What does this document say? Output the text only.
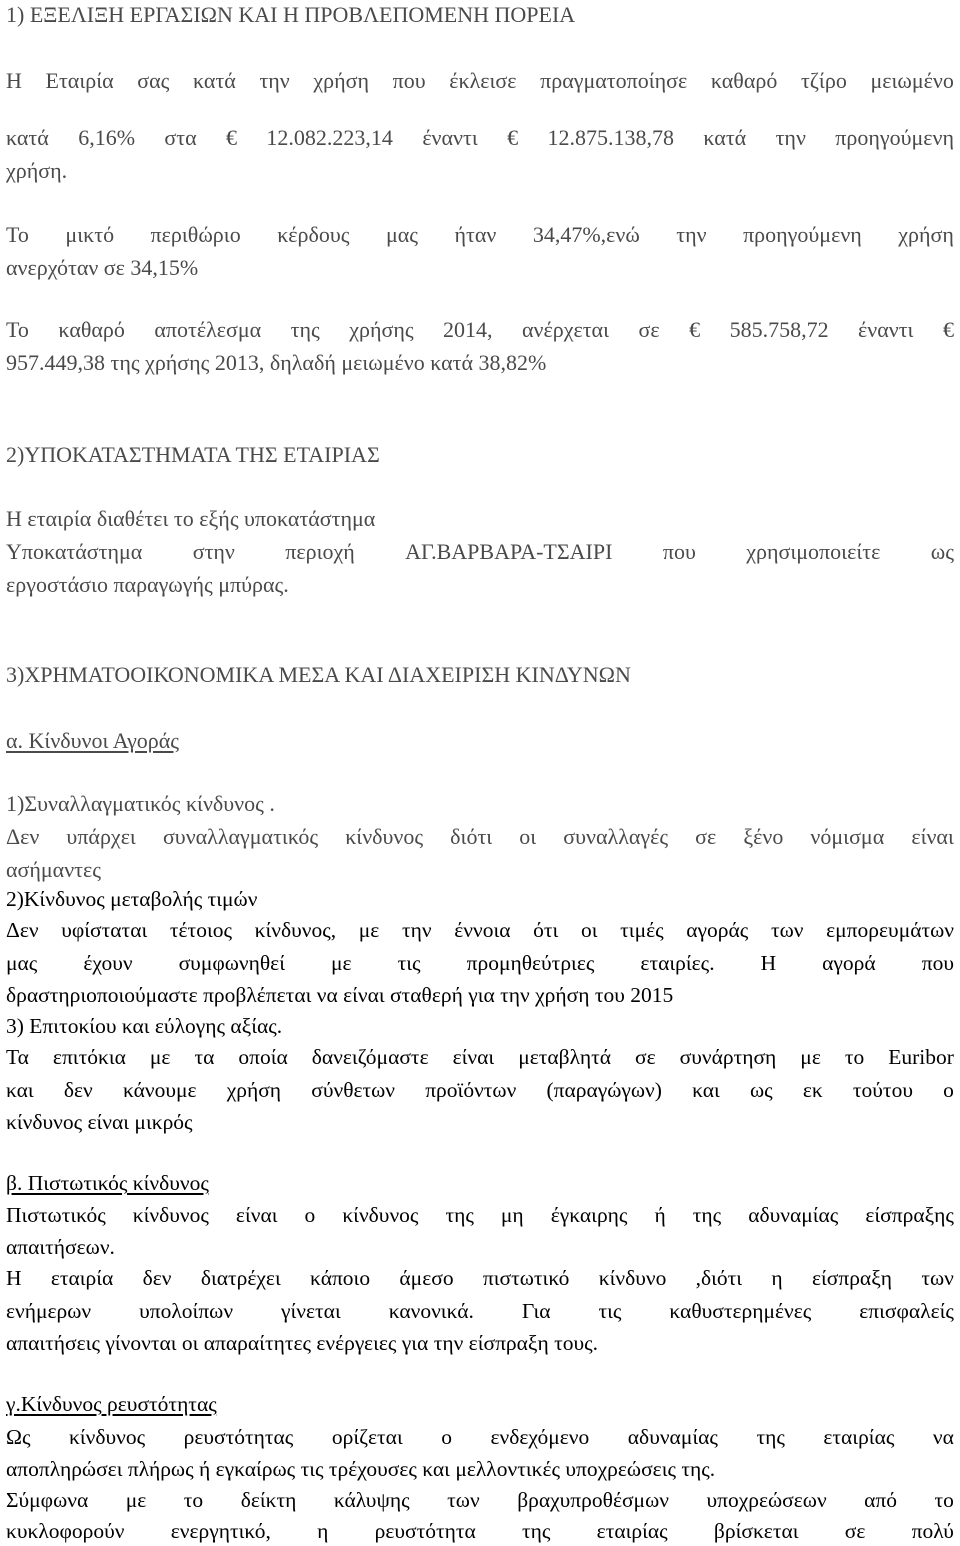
1) ΕΞΕΛΙΞΗ ΕΡΓΑΣΙΩΝ ΚΑΙ Η ΠΡΟΒΛΕΠΟΜΕΝΗ ΠΟΡΕΙΑ
Η Εταιρία σας κατά την χρήση που έκλεισε πραγματοποίησε καθαρό τζίρο μειωμένο
κατά 6,16% στα € 12.082.223,14 έναντι € 12.875.138,78 κατά την προηγούμενη
χρήση.
Το μικτό περιθώριο κέρδους μας ήταν 34,47%,ενώ την προηγούμενη χρήση
ανερχόταν σε 34,15%
Το καθαρό αποτέλεσμα της χρήσης 2014, ανέρχεται σε € 585.758,72 έναντι €
957.449,38 της χρήσης 2013, δηλαδή μειωμένο κατά 38,82%
2)ΥΠΟΚΑΤΑΣΤΗΜΑΤΑ ΤΗΣ ΕΤΑΙΡΙΑΣ
Η εταιρία διαθέτει το εξής υποκατάστημα
Υποκατάστημα στην περιοχή ΑΓ.ΒΑΡΒΑΡΑ-ΤΣΑΙΡΙ που χρησιμοποιείτε ως
εργοστάσιο παραγωγής μπύρας.
3)ΧΡΗΜΑΤΟΟΙΚΟΝΟΜΙΚΑ ΜΕΣΑ ΚΑΙ ΔΙΑΧΕΙΡΙΣΗ ΚΙΝΔΥΝΩΝ
α. Κίνδυνοι Αγοράς
1)Συναλλαγματικός κίνδυνος .
Δεν υπάρχει συναλλαγματικός κίνδυνος διότι οι συναλλαγές σε ξένο νόμισμα είναι
ασήμαντες
2)Κίνδυνος μεταβολής τιμών
Δεν υφίσταται τέτοιος κίνδυνος, με την έννοια ότι οι τιμές αγοράς των εμπορευμάτων
μας έχουν συμφωνηθεί με τις προμηθεύτριες εταιρίες. Η αγορά που
δραστηριοποιούμαστε προβλέπεται να είναι σταθερή για την χρήση του 2015
3) Επιτοκίου και εύλογης αξίας.
Τα επιτόκια με τα οποία δανειζόμαστε είναι μεταβλητά σε συνάρτηση με το Euribor
και δεν κάνουμε χρήση σύνθετων προϊόντων (παραγώγων) και ως εκ τούτου ο
κίνδυνος είναι μικρός
β. Πιστωτικός κίνδυνος
Πιστωτικός κίνδυνος είναι ο κίνδυνος της μη έγκαιρης ή της αδυναμίας είσπραξης
απαιτήσεων.
Η εταιρία δεν διατρέχει κάποιο άμεσο πιστωτικό κίνδυνο ,διότι η είσπραξη των
ενήμερων υπολοίπων γίνεται κανονικά. Για τις καθυστερημένες επισφαλείς
απαιτήσεις γίνονται οι απαραίτητες ενέργειες για την είσπραξη τους.
γ.Κίνδυνος ρευστότητας
Ως κίνδυνος ρευστότητας ορίζεται ο ενδεχόμενο αδυναμίας της εταιρίας να
αποπληρώσει πλήρως ή εγκαίρως τις τρέχουσες και μελλοντικές υποχρεώσεις της.
Σύμφωνα με το δείκτη κάλυψης των βραχυπροθέσμων υποχρεώσεων από το
κυκλοφορούν ενεργητικό, η ρευστότητα της εταιρίας βρίσκεται σε πολύ
